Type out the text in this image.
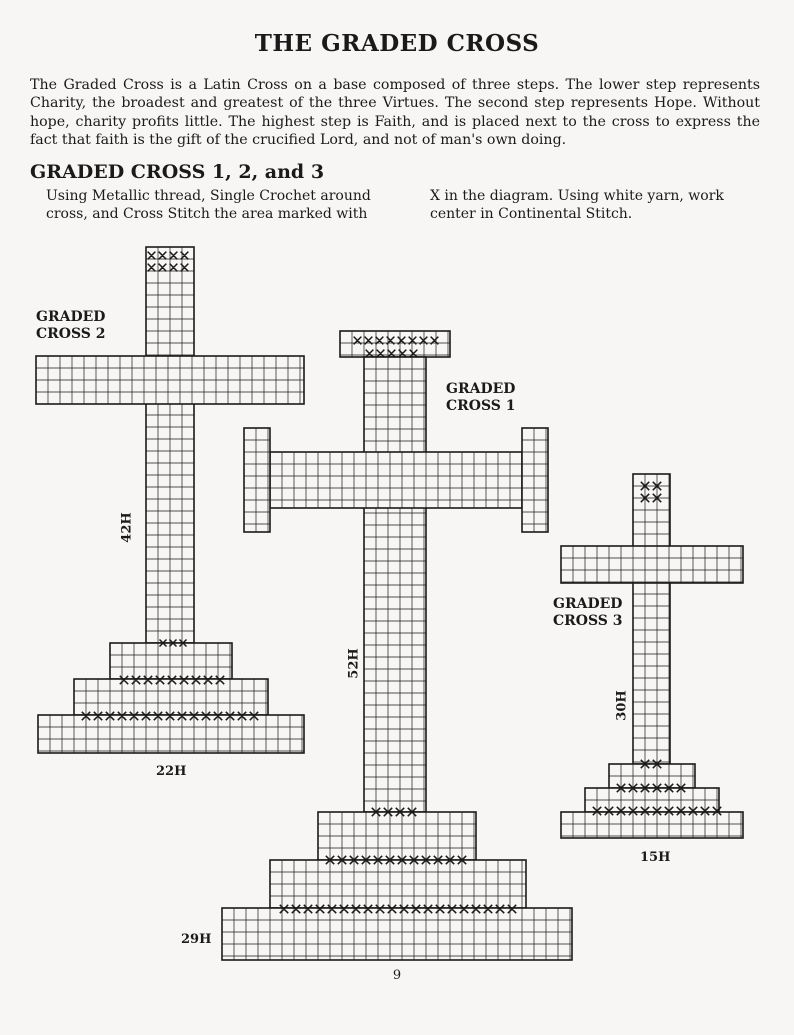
THE GRADED CROSS
The Graded Cross is a Latin Cross on a base composed of three steps. The lower step represents Charity, the broadest and greatest of the three Virtues. The second step represents Hope. Without hope, charity profits little. The highest step is Faith, and is placed next to the cross to express the fact that faith is the gift of the crucified Lord, and not of man's own doing.
GRADED CROSS 1, 2, and 3
Using Metallic thread, Single Crochet around cross, and Cross Stitch the area marked with
X in the diagram. Using white yarn, work center in Continental Stitch.
GRADED
CROSS 2
42H
22H
GRADED
CROSS 1
52H
29H
GRADED
CROSS 3
30H
15H
9
